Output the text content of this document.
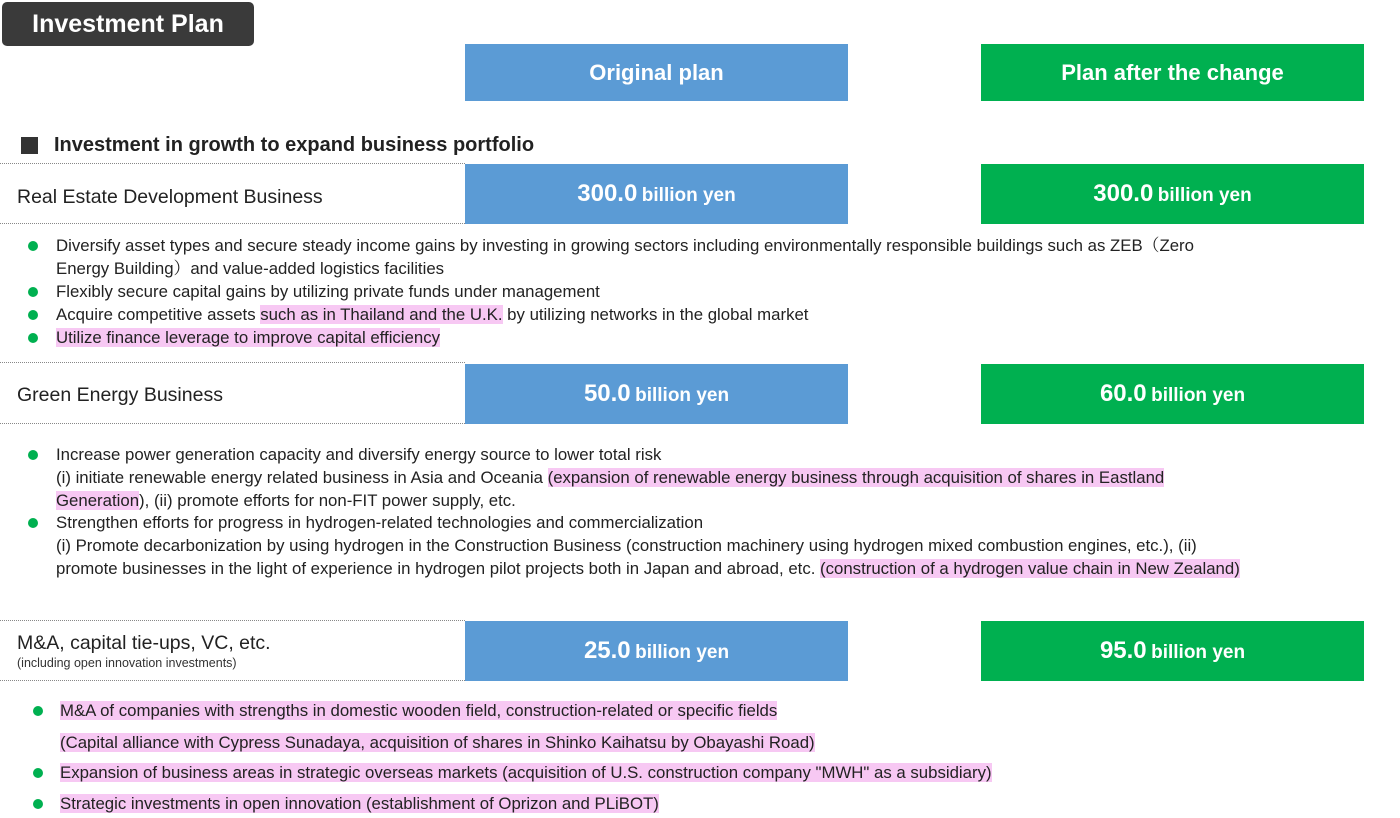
Investment Plan
Original plan	Plan after the change
Investment in growth to expand business portfolio
Real Estate Development Business	300.0 billion yen	300.0 billion yen
Diversify asset types and secure steady income gains by investing in growing sectors including environmentally responsible buildings such as ZEB（Zero
Energy Building）and value-added logistics facilities
Flexibly secure capital gains by utilizing private funds under management
Acquire competitive assets such as in Thailand and the U.K. by utilizing networks in the global market
Utilize finance leverage to improve capital efficiency
Green Energy Business	50.0 billion yen	60.0 billion yen
Increase power generation capacity and diversify energy source to lower total risk
(i) initiate renewable energy related business in Asia and Oceania (expansion of renewable energy business through acquisition of shares in Eastland
Generation), (ii) promote efforts for non-FIT power supply, etc.
Strengthen efforts for progress in hydrogen-related technologies and commercialization
(i) Promote decarbonization by using hydrogen in the Construction Business (construction machinery using hydrogen mixed combustion engines, etc.), (ii)
promote businesses in the light of experience in hydrogen pilot projects both in Japan and abroad, etc. (construction of a hydrogen value chain in New Zealand)
M&A, capital tie-ups, VC, etc.
(including open innovation investments)	25.0 billion yen	95.0 billion yen
M&A of companies with strengths in domestic wooden field, construction-related or specific fields
(Capital alliance with Cypress Sunadaya, acquisition of shares in Shinko Kaihatsu by Obayashi Road)
Expansion of business areas in strategic overseas markets (acquisition of U.S. construction company "MWH" as a subsidiary)
Strategic investments in open innovation (establishment of Oprizon and PLiBOT)
